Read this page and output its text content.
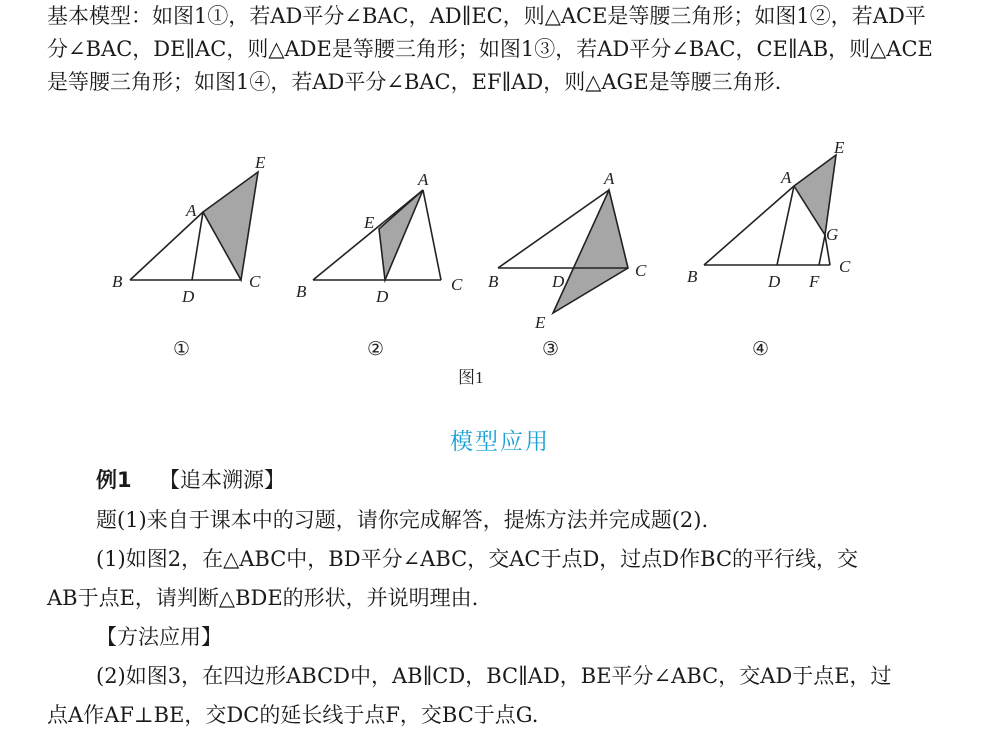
基本模型：如图1①，若AD平分∠BAC，AD∥EC，则△ACE是等腰三角形；如图1②，若AD平分∠BAC，DE∥AC，则△ADE是等腰三角形；如图1③，若AD平分∠BAC，CE∥AB，则△ACE是等腰三角形；如图1④，若AD平分∠BAC，EF∥AD，则△AGE是等腰三角形.

E
A
B
D
C
①
A
E
B	D
C
②
A
B	D
C
E
③
E
A
G
B	D F
C
④
图1

模型应用

例1 【追本溯源】

题(1)来自于课本中的习题，请你完成解答，提炼方法并完成题(2).

(1)如图2，在△ABC中，BD平分∠ABC，交AC于点D，过点D作BC的平行线，交

AB于点E，请判断△BDE的形状，并说明理由.

【方法应用】

(2)如图3，在四边形ABCD中，AB∥CD，BC∥AD，BE平分∠ABC，交AD于点E，过

点A作AF⊥BE，交DC的延长线于点F，交BC于点G.
